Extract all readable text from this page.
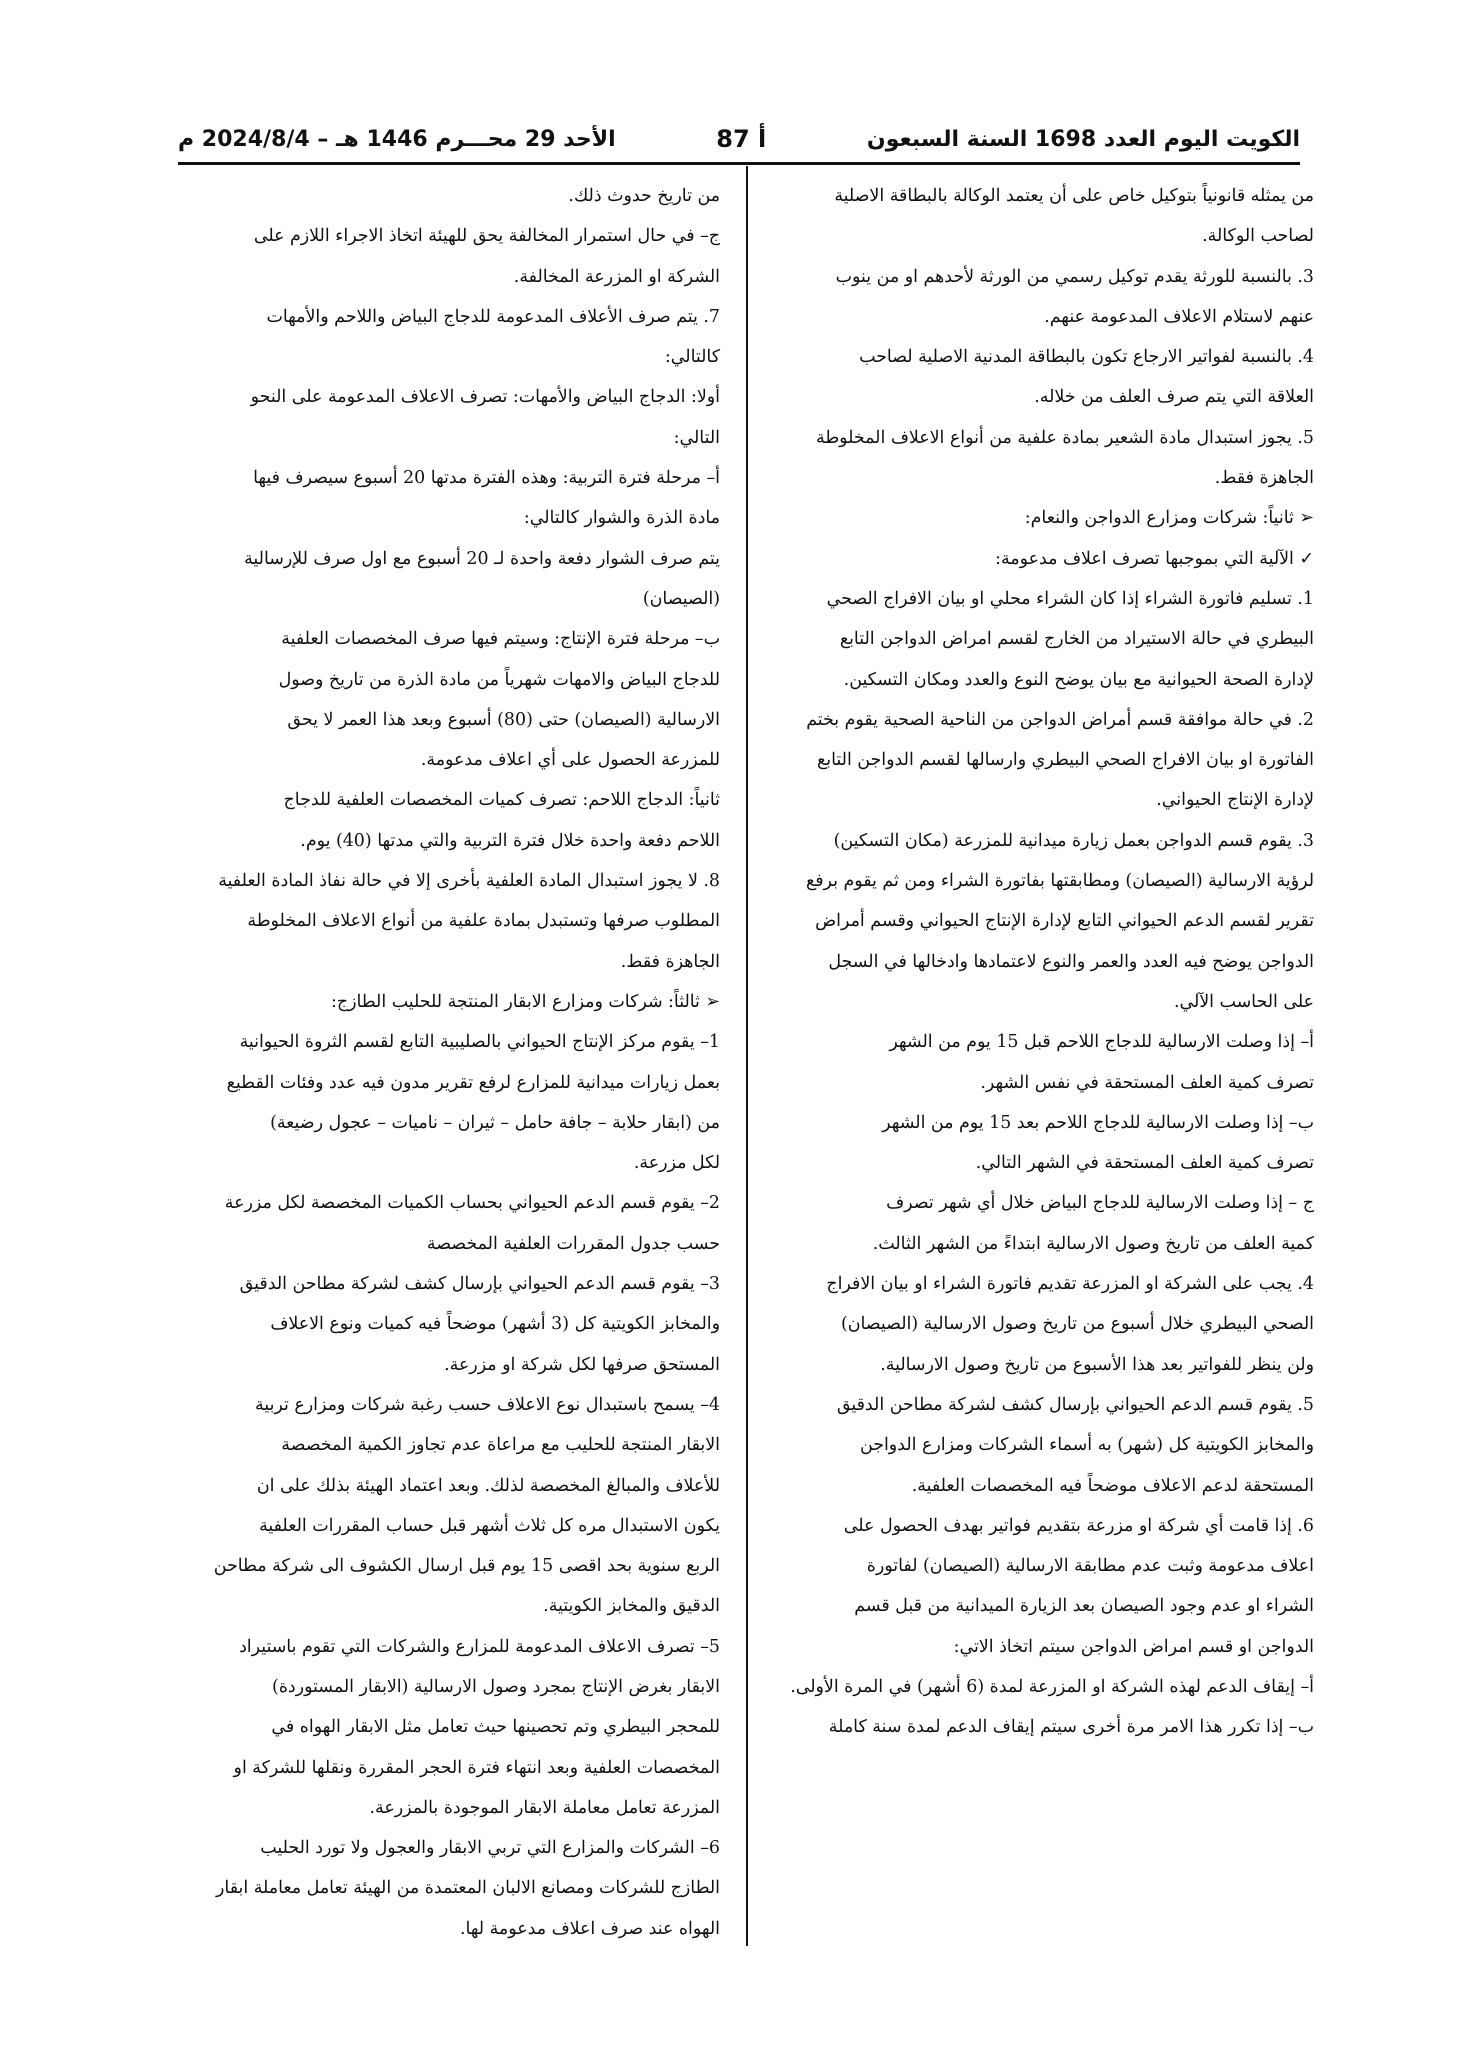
الأحد 29 محـــرم 1446 هـ – 2024/8/4 م	أ 87	الكويت اليوم العدد 1698 السنة السبعون

من يمثله قانونياً بتوكيل خاص على أن يعتمد الوكالة بالبطاقة الاصلية

لصاحب الوكالة.

3. بالنسبة للورثة يقدم توكيل رسمي من الورثة لأحدهم او من ينوب

عنهم لاستلام الاعلاف المدعومة عنهم.

4. بالنسبة لفواتير الارجاع تكون بالبطاقة المدنية الاصلية لصاحب

العلاقة التي يتم صرف العلف من خلاله.

5. يجوز استبدال مادة الشعير بمادة علفية من أنواع الاعلاف المخلوطة

الجاهزة فقط.

➢ ثانياً: شركات ومزارع الدواجن والنعام:

✓ الآلية التي بموجبها تصرف اعلاف مدعومة:

1. تسليم فاتورة الشراء إذا كان الشراء محلي او بيان الافراج الصحي

البيطري في حالة الاستيراد من الخارج لقسم امراض الدواجن التابع

لإدارة الصحة الحيوانية مع بيان يوضح النوع والعدد ومكان التسكين.

2. في حالة موافقة قسم أمراض الدواجن من الناحية الصحية يقوم بختم

الفاتورة او بيان الافراج الصحي البيطري وارسالها لقسم الدواجن التابع

لإدارة الإنتاج الحيواني.

3. يقوم قسم الدواجن بعمل زيارة ميدانية للمزرعة (مكان التسكين)

لرؤية الارسالية (الصيصان) ومطابقتها بفاتورة الشراء ومن ثم يقوم برفع

تقرير لقسم الدعم الحيواني التابع لإدارة الإنتاج الحيواني وقسم أمراض

الدواجن يوضح فيه العدد والعمر والنوع لاعتمادها وادخالها في السجل

على الحاسب الآلي.

أ– إذا وصلت الارسالية للدجاج اللاحم قبل 15 يوم من الشهر

تصرف كمية العلف المستحقة في نفس الشهر.

ب– إذا وصلت الارسالية للدجاج اللاحم بعد 15 يوم من الشهر

تصرف كمية العلف المستحقة في الشهر التالي.

ج – إذا وصلت الارسالية للدجاج البياض خلال أي شهر تصرف

كمية العلف من تاريخ وصول الارسالية ابتداءً من الشهر الثالث.

4. يجب على الشركة او المزرعة تقديم فاتورة الشراء او بيان الافراج

الصحي البيطري خلال أسبوع من تاريخ وصول الارسالية (الصيصان)

ولن ينظر للفواتير بعد هذا الأسبوع من تاريخ وصول الارسالية.

5. يقوم قسم الدعم الحيواني بإرسال كشف لشركة مطاحن الدقيق

والمخابز الكويتية كل (شهر) به أسماء الشركات ومزارع الدواجن

المستحقة لدعم الاعلاف موضحاً فيه المخصصات العلفية.

6. إذا قامت أي شركة او مزرعة بتقديم فواتير بهدف الحصول على

اعلاف مدعومة وثبت عدم مطابقة الارسالية (الصيصان) لفاتورة

الشراء او عدم وجود الصيصان بعد الزيارة الميدانية من قبل قسم

الدواجن او قسم امراض الدواجن سيتم اتخاذ الاتي:

أ– إيقاف الدعم لهذه الشركة او المزرعة لمدة (6 أشهر) في المرة الأولى.

ب– إذا تكرر هذا الامر مرة أخرى سيتم إيقاف الدعم لمدة سنة كاملة

من تاريخ حدوث ذلك.

ج– في حال استمرار المخالفة يحق للهيئة اتخاذ الاجراء اللازم على

الشركة او المزرعة المخالفة.

7. يتم صرف الأعلاف المدعومة للدجاج البياض واللاحم والأمهات

كالتالي:

أولا: الدجاج البياض والأمهات: تصرف الاعلاف المدعومة على النحو

التالي:

أ– مرحلة فترة التربية: وهذه الفترة مدتها 20 أسبوع سيصرف فيها

مادة الذرة والشوار كالتالي:

يتم صرف الشوار دفعة واحدة لـ 20 أسبوع مع اول صرف للإرسالية

(الصيصان)

ب– مرحلة فترة الإنتاج: وسيتم فيها صرف المخصصات العلفية

للدجاج البياض والامهات شهرياً من مادة الذرة من تاريخ وصول

الارسالية (الصيصان) حتى (80) أسبوع وبعد هذا العمر لا يحق

للمزرعة الحصول على أي اعلاف مدعومة.

ثانياً: الدجاج اللاحم: تصرف كميات المخصصات العلفية للدجاج

اللاحم دفعة واحدة خلال فترة التربية والتي مدتها (40) يوم.

8. لا يجوز استبدال المادة العلفية بأخرى إلا في حالة نفاذ المادة العلفية

المطلوب صرفها وتستبدل بمادة علفية من أنواع الاعلاف المخلوطة

الجاهزة فقط.

➢ ثالثاً: شركات ومزارع الابقار المنتجة للحليب الطازج:

1– يقوم مركز الإنتاج الحيواني بالصليبية التابع لقسم الثروة الحيوانية

بعمل زيارات ميدانية للمزارع لرفع تقرير مدون فيه عدد وفئات القطيع

من (ابقار حلابة – جافة حامل – ثيران – ناميات – عجول رضيعة)

لكل مزرعة.

2– يقوم قسم الدعم الحيواني بحساب الكميات المخصصة لكل مزرعة

حسب جدول المقررات العلفية المخصصة

3– يقوم قسم الدعم الحيواني بإرسال كشف لشركة مطاحن الدقيق

والمخابز الكويتية كل (3 أشهر) موضحاً فيه كميات ونوع الاعلاف

المستحق صرفها لكل شركة او مزرعة.

4– يسمح باستبدال نوع الاعلاف حسب رغبة شركات ومزارع تربية

الابقار المنتجة للحليب مع مراعاة عدم تجاوز الكمية المخصصة

للأعلاف والمبالغ المخصصة لذلك. وبعد اعتماد الهيئة بذلك على ان

يكون الاستبدال مره كل ثلاث أشهر قبل حساب المقررات العلفية

الربع سنوية بحد اقصى 15 يوم قبل ارسال الكشوف الى شركة مطاحن

الدقيق والمخابز الكويتية.

5– تصرف الاعلاف المدعومة للمزارع والشركات التي تقوم باستيراد

الابقار بغرض الإنتاج بمجرد وصول الارسالية (الابقار المستوردة)

للمحجر البيطري وتم تحصينها حيث تعامل مثل الابقار الهواه في

المخصصات العلفية وبعد انتهاء فترة الحجر المقررة ونقلها للشركة او

المزرعة تعامل معاملة الابقار الموجودة بالمزرعة.

6– الشركات والمزارع التي تربي الابقار والعجول ولا تورد الحليب

الطازج للشركات ومصانع الالبان المعتمدة من الهيئة تعامل معاملة ابقار

الهواه عند صرف اعلاف مدعومة لها.
